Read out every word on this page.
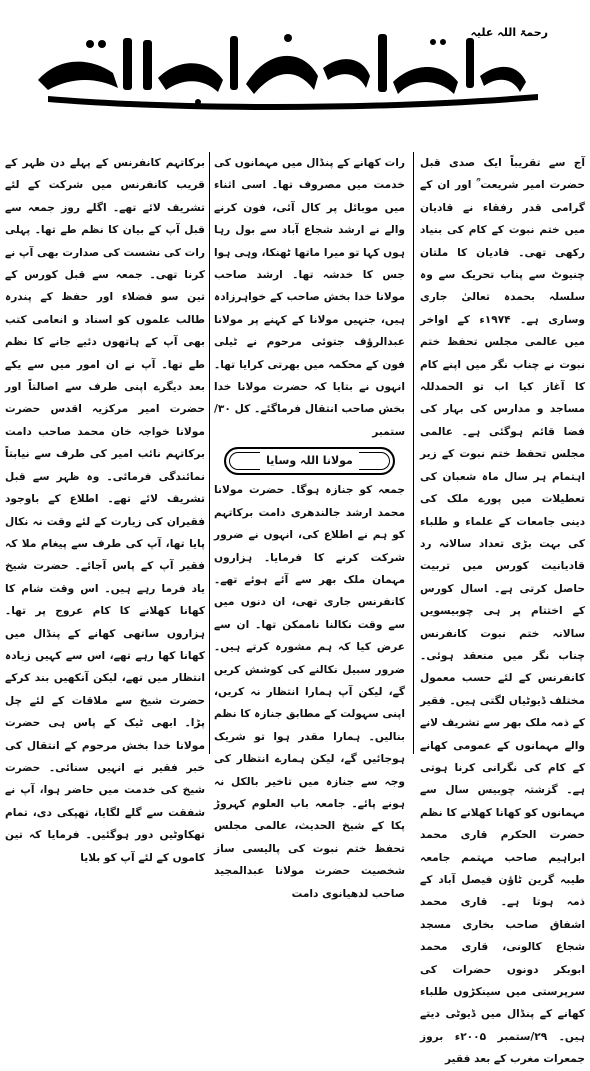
رحمۃ اللہ علیہ

آج سے تقریباً ایک صدی قبل حضرت امیر شریعت ؒ اور ان کے گرامی قدر رفقاء نے قادیان میں ختم نبوت کے کام کی بنیاد رکھی تھی۔ قادیان کا ملتان چنیوٹ سے پناب تحریک سے وہ سلسلہ بحمدہ تعالیٰ جاری وساری ہے۔ ۱۹۷۴ء کے اواخر میں عالمی مجلس تحفظ ختم نبوت نے چناب نگر میں اپنے کام کا آغاز کیا اب تو الحمدللہ مساجد و مدارس کی بہار کی فضا قائم ہوگئی ہے۔ عالمی مجلس تحفظ ختم نبوت کے زیر اہتمام ہر سال ماہ شعبان کی تعطیلات میں پورے ملک کی دینی جامعات کے علماء و طلباء کی بہت بڑی تعداد سالانہ رد قادیانیت کورس میں تربیت حاصل کرتی ہے۔ اسال کورس کے اختتام پر ہی چوبیسویں سالانہ ختم نبوت کانفرنس چناب نگر میں منعقد ہوئی۔ کانفرنس کے لئے حسب معمول مختلف ڈیوٹیاں لگتی ہیں۔ فقیر کے ذمہ ملک بھر سے تشریف لانے والے مہمانوں کے عمومی کھانے کے کام کی نگرانی کرنا ہوتی ہے۔ گزشتہ چوبیس سال سے مہمانوں کو کھانا کھلانے کا نظم حضرت الحکرم قاری محمد ابراہیم صاحب مہتمم جامعہ طیبہ گرین ٹاؤن فیصل آباد کے ذمہ ہوتا ہے۔ قاری محمد اشفاق صاحب بخاری مسجد شجاع کالونی، قاری محمد ابوبکر دونوں حضرات کی سرپرستی میں سینکڑوں طلباء کھانے کے پنڈال میں ڈیوٹی دیتے ہیں۔ ۲۹/ستمبر ۲۰۰۵ء بروز جمعرات مغرب کے بعد فقیر

رات کھانے کے پنڈال میں مہمانوں کی خدمت میں مصروف تھا۔ اسی اثناء میں موبائل پر کال آئی، فون کرنے والے نے ارشد شجاع آباد سے بول رہا ہوں کہا تو میرا ماتھا ٹھنکا، وہی ہوا جس کا خدشہ تھا۔ ارشد صاحب مولانا خدا بخش صاحب کے خواہرزادہ ہیں، جنہیں مولانا کے کہنے پر مولانا عبدالرؤف جتوئی مرحوم نے ٹیلی فون کے محکمہ میں بھرتی کرایا تھا۔ انہوں نے بتایا کہ حضرت مولانا خدا بخش صاحب انتقال فرماگئے۔ کل ۳۰/ستمبر

مولانا اللہ وسایا

جمعہ کو جنازہ ہوگا۔ حضرت مولانا محمد ارشد جالندھری دامت برکاتہم کو ہم نے اطلاع کی، انہوں نے ضرور شرکت کرنے کا فرمایا۔ ہزاروں مہمان ملک بھر سے آئے ہوئے تھے۔ کانفرنس جاری تھی، ان دنوں میں سے وقت نکالنا ناممکن تھا۔ ان سے عرض کیا کہ ہم مشورہ کرتے ہیں۔ ضرور سبیل نکالنے کی کوشش کریں گے، لیکن آپ ہمارا انتظار نہ کریں، اپنی سہولت کے مطابق جنازہ کا نظم بنالیں۔ ہمارا مقدر ہوا تو شریک ہوجائیں گے، لیکن ہمارے انتظار کی وجہ سے جنازہ میں تاخیر بالکل نہ ہونے پائے۔ جامعہ باب العلوم کہروڑ پکا کے شیخ الحدیث، عالمی مجلس تحفظ ختم نبوت کی پالیسی ساز شخصیت حضرت مولانا عبدالمجید صاحب لدھیانوی دامت

برکاتہم کانفرنس کے پہلے دن ظہر کے قریب کانفرنس میں شرکت کے لئے تشریف لائے تھے۔ اگلے روز جمعہ سے قبل آپ کے بیان کا نظم طے تھا۔ پہلی رات کی نشست کی صدارت بھی آپ نے کرنا تھی۔ جمعہ سے قبل کورس کے تین سو فضلاء اور حفظ کے پندرہ طالب علموں کو اسناد و انعامی کتب بھی آپ کے ہاتھوں دئیے جانے کا نظم طے تھا۔ آپ نے ان امور میں سے یکے بعد دیگرے اپنی طرف سے اصالتاً اور حضرت امیر مرکزیہ اقدس حضرت مولانا خواجہ خان محمد صاحب دامت برکاتہم نائب امیر کی طرف سے نیابتاً نمائندگی فرمائی۔ وہ ظہر سے قبل تشریف لائے تھے۔ اطلاع کے باوجود فقیران کی زیارت کے لئے وقت نہ نکال پایا تھا، آپ کی طرف سے پیغام ملا کہ فقیر آپ کے پاس آجائے۔ حضرت شیخ یاد فرما رہے ہیں۔ اس وقت شام کا کھانا کھلانے کا کام عروج پر تھا۔ ہزاروں ساتھی کھانے کے پنڈال میں کھانا کھا رہے تھے، اس سے کہیں زیادہ انتظار میں تھے، لیکن آنکھیں بند کرکے حضرت شیخ سے ملاقات کے لئے چل پڑا۔ ابھی ٹیک کے پاس ہی حضرت مولانا خدا بخش مرحوم کے انتقال کی خبر فقیر نے انہیں سنائی۔ حضرت شیخ کی خدمت میں حاضر ہوا، آپ نے شفقت سے گلے لگایا، تھپکی دی، تمام تھکاوٹیں دور ہوگئیں۔ فرمایا کہ تین کاموں کے لئے آپ کو بلایا
